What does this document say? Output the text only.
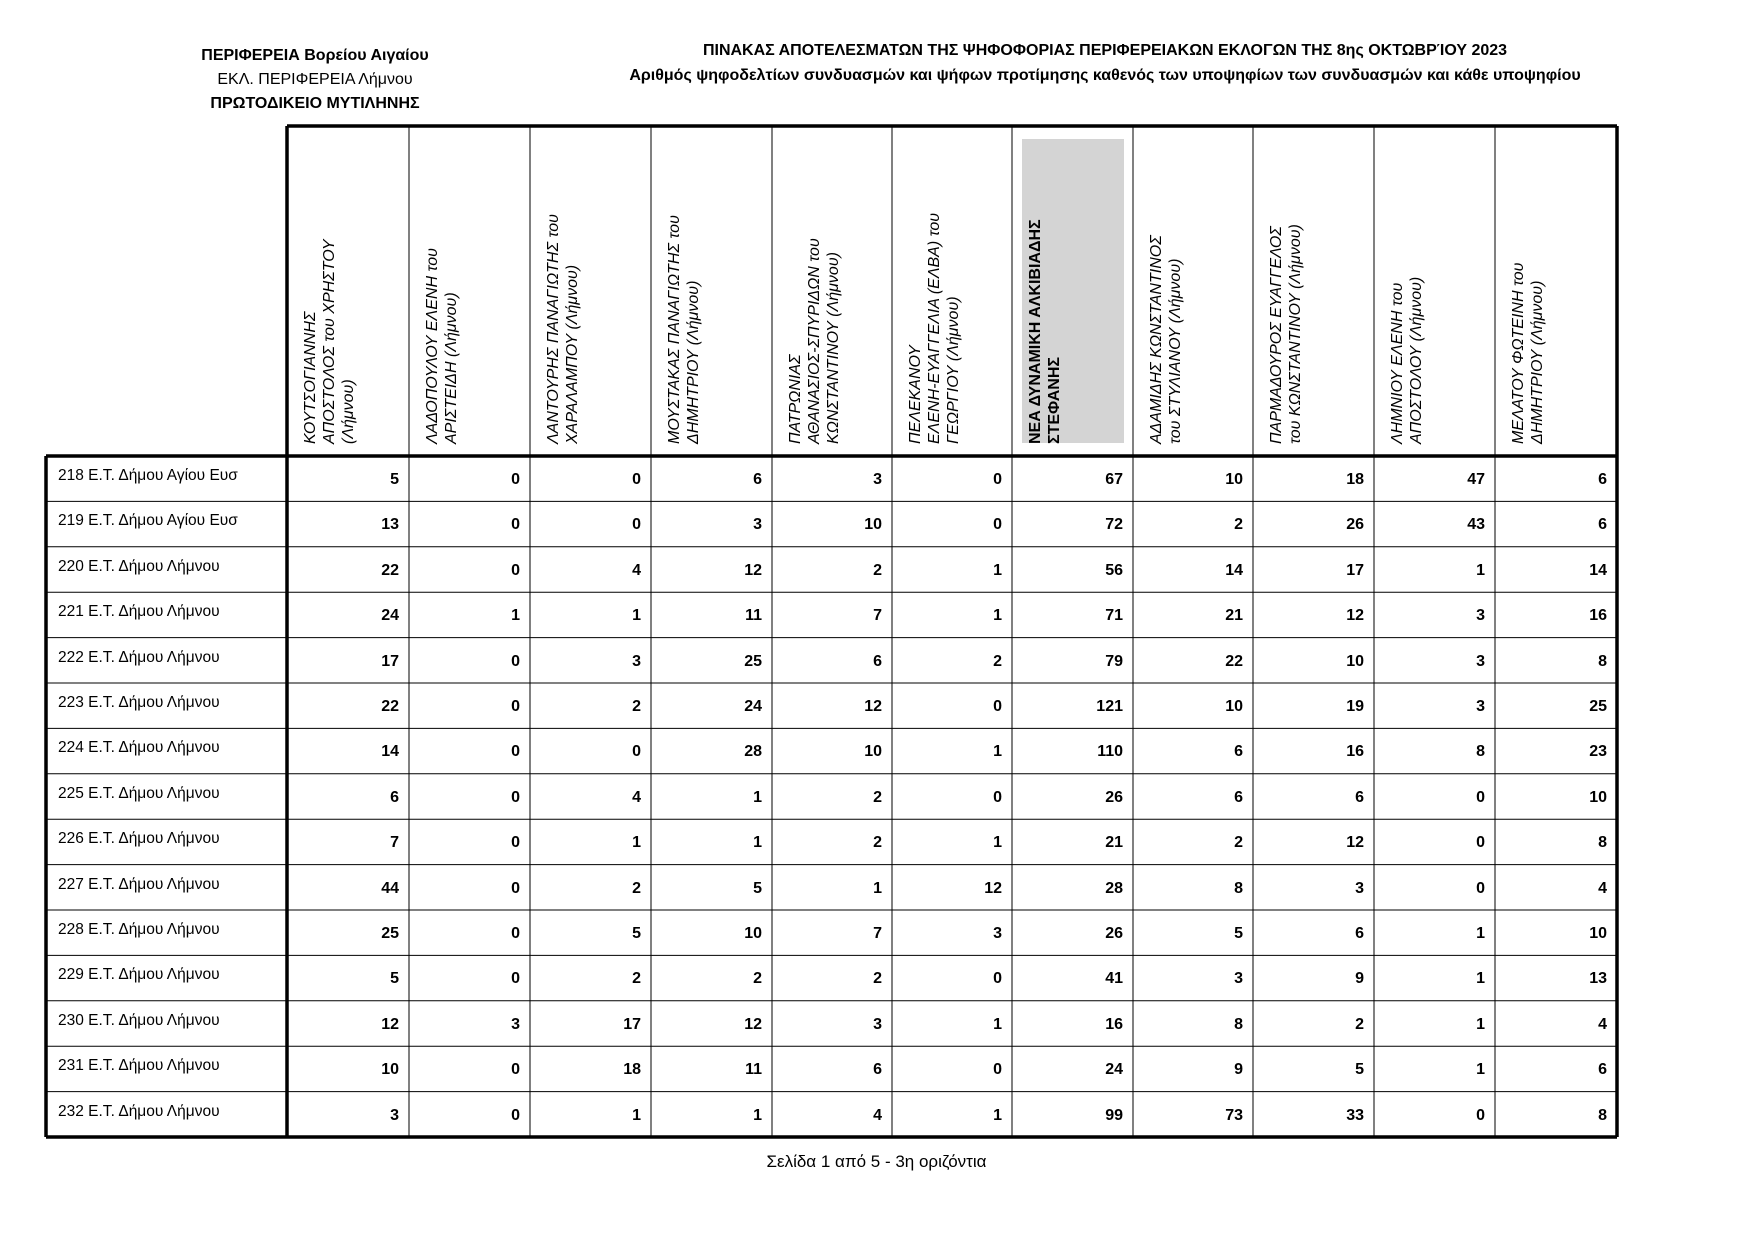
ΠΕΡΙΦΕΡΕΙΑ Βορείου Αιγαίου
ΕΚΛ. ΠΕΡΙΦΕΡΕΙΑ Λήμνου
ΠΡΩΤΟΔΙΚΕΙΟ ΜΥΤΙΛΗΝΗΣ
ΠΙΝΑΚΑΣ ΑΠΟΤΕΛΕΣΜΑΤΩΝ ΤΗΣ ΨΗΦΟΦΟΡΙΑΣ ΠΕΡΙΦΕΡΕΙΑΚΩΝ ΕΚΛΟΓΩΝ ΤΗΣ 8ης ΟΚΤΩΒΡΊΟΥ 2023
Αριθμός ψηφοδελτίων συνδυασμών και ψήφων προτίμησης καθενός των υποψηφίων των συνδυασμών και κάθε υποψηφίου
ΚΟΥΤΣΟΓΙΑΝΝΗΣ ΑΠΟΣΤΟΛΟΣ του ΧΡΗΣΤΟΥ (Λήμνου)	ΛΑΔΟΠΟΥΛΟΥ ΕΛΕΝΗ του ΑΡΙΣΤΕΙΔΗ (Λήμνου)	ΛΑΝΤΟΥΡΗΣ ΠΑΝΑΓΙΩΤΗΣ του ΧΑΡΑΛΑΜΠΟΥ (Λήμνου)	ΜΟΥΣΤΑΚΑΣ ΠΑΝΑΓΙΩΤΗΣ του ΔΗΜΗΤΡΙΟΥ (Λήμνου)	ΠΑΤΡΩΝΙΑΣ ΑΘΑΝΑΣΙΟΣ-ΣΠΥΡΙΔΩΝ του ΚΩΝΣΤΑΝΤΙΝΟΥ (Λήμνου)	ΠΕΛΕΚΑΝΟΥ ΕΛΕΝΗ-ΕΥΑΓΓΕΛΙΑ (ΕΛΒΑ) του ΓΕΩΡΓΙΟΥ (Λήμνου)	ΝΕΑ ΔΥΝΑΜΙΚΗ ΑΛΚΙΒΙΑΔΗΣ ΣΤΕΦΑΝΗΣ	ΑΔΑΜΙΔΗΣ ΚΩΝΣΤΑΝΤΙΝΟΣ του ΣΤΥΛΙΑΝΟΥ (Λήμνου)	ΠΑΡΜΑΔΟΥΡΟΣ ΕΥΑΓΓΕΛΟΣ του ΚΩΝΣΤΑΝΤΙΝΟΥ (Λήμνου)	ΛΗΜΝΙΟΥ ΕΛΕΝΗ του ΑΠΟΣΤΟΛΟΥ (Λήμνου)	ΜΕΛΑΤΟΥ ΦΩΤΕΙΝΗ του ΔΗΜΗΤΡΙΟΥ (Λήμνου)
218 Ε.Τ. Δήμου Αγίου Ευσ	5	0	0	6	3	0	67	10	18	47	6
219 Ε.Τ. Δήμου Αγίου Ευσ	13	0	0	3	10	0	72	2	26	43	6
220 Ε.Τ. Δήμου Λήμνου	22	0	4	12	2	1	56	14	17	1	14
221 Ε.Τ. Δήμου Λήμνου	24	1	1	11	7	1	71	21	12	3	16
222 Ε.Τ. Δήμου Λήμνου	17	0	3	25	6	2	79	22	10	3	8
223 Ε.Τ. Δήμου Λήμνου	22	0	2	24	12	0	121	10	19	3	25
224 Ε.Τ. Δήμου Λήμνου	14	0	0	28	10	1	110	6	16	8	23
225 Ε.Τ. Δήμου Λήμνου	6	0	4	1	2	0	26	6	6	0	10
226 Ε.Τ. Δήμου Λήμνου	7	0	1	1	2	1	21	2	12	0	8
227 Ε.Τ. Δήμου Λήμνου	44	0	2	5	1	12	28	8	3	0	4
228 Ε.Τ. Δήμου Λήμνου	25	0	5	10	7	3	26	5	6	1	10
229 Ε.Τ. Δήμου Λήμνου	5	0	2	2	2	0	41	3	9	1	13
230 Ε.Τ. Δήμου Λήμνου	12	3	17	12	3	1	16	8	2	1	4
231 Ε.Τ. Δήμου Λήμνου	10	0	18	11	6	0	24	9	5	1	6
232 Ε.Τ. Δήμου Λήμνου	3	0	1	1	4	1	99	73	33	0	8
Σελίδα 1 από 5 - 3η οριζόντια
